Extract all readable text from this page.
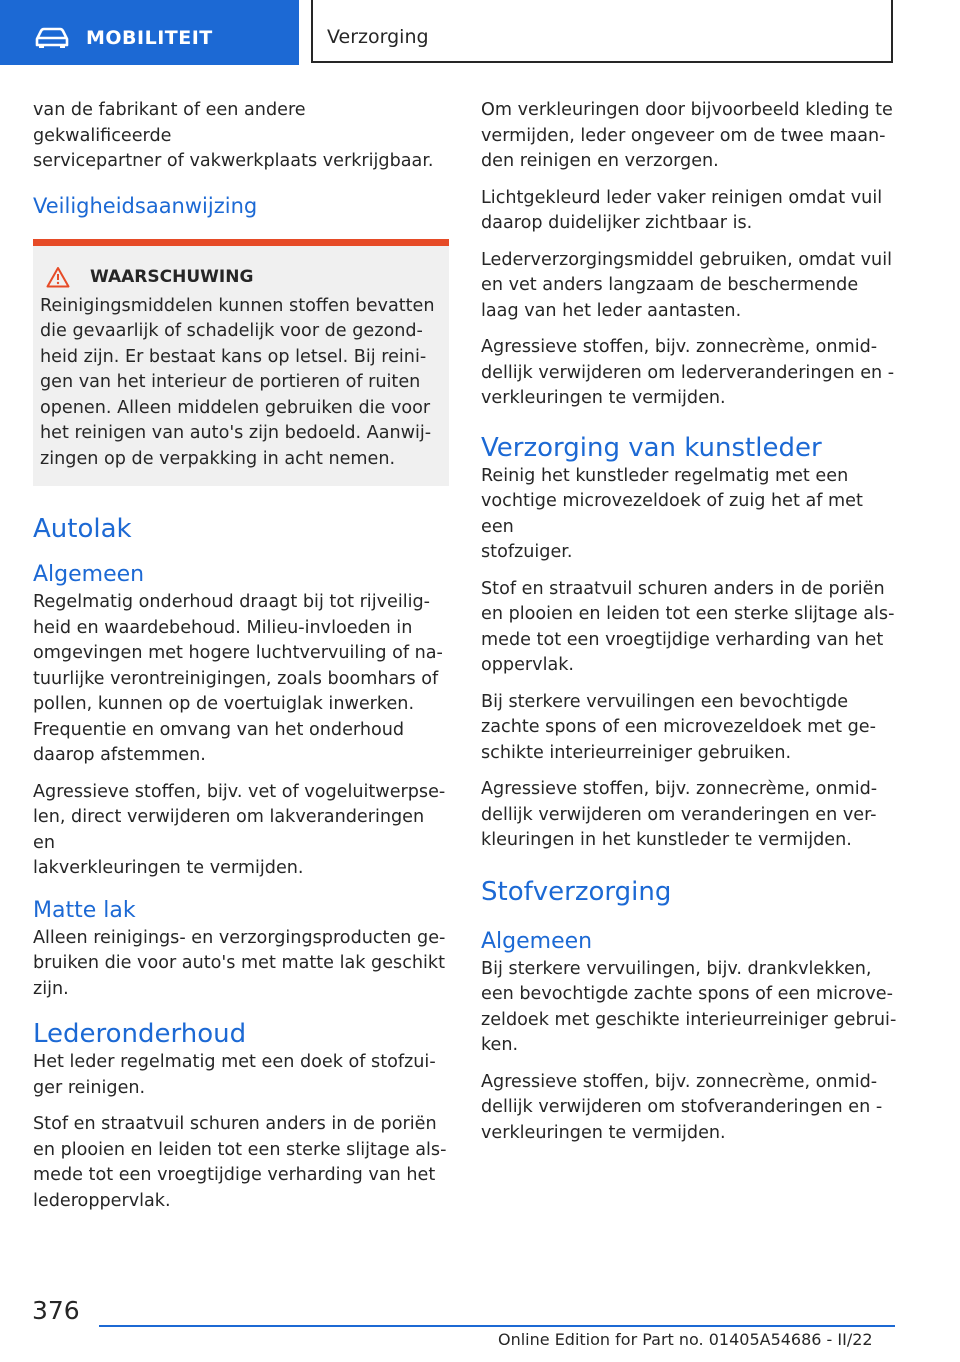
MOBILITEIT	Verzorging

van de fabrikant of een andere gekwalificeerde
servicepartner of vakwerkplaats verkrijgbaar.

Veiligheidsaanwijzing
WAARSCHUWING

Reinigingsmiddelen kunnen stoffen bevatten
die gevaarlijk of schadelijk voor de gezond-
heid zijn. Er bestaat kans op letsel. Bij reini-
gen van het interieur de portieren of ruiten
openen. Alleen middelen gebruiken die voor
het reinigen van auto's zijn bedoeld. Aanwij-
zingen op de verpakking in acht nemen.

Autolak
Algemeen

Regelmatig onderhoud draagt bij tot rijveilig-
heid en waardebehoud. Milieu-invloeden in
omgevingen met hogere luchtvervuiling of na-
tuurlijke verontreinigingen, zoals boomhars of
pollen, kunnen op de voertuiglak inwerken.
Frequentie en omvang van het onderhoud
daarop afstemmen.

Agressieve stoffen, bijv. vet of vogeluitwerpse-
len, direct verwijderen om lakveranderingen en
lakverkleuringen te vermijden.

Matte lak

Alleen reinigings- en verzorgingsproducten ge-
bruiken die voor auto's met matte lak geschikt
zijn.

Lederonderhoud

Het leder regelmatig met een doek of stofzui-
ger reinigen.

Stof en straatvuil schuren anders in de poriën
en plooien en leiden tot een sterke slijtage als-
mede tot een vroegtijdige verharding van het
lederoppervlak.

Om verkleuringen door bijvoorbeeld kleding te
vermijden, leder ongeveer om de twee maan-
den reinigen en verzorgen.

Lichtgekleurd leder vaker reinigen omdat vuil
daarop duidelijker zichtbaar is.

Lederverzorgingsmiddel gebruiken, omdat vuil
en vet anders langzaam de beschermende
laag van het leder aantasten.

Agressieve stoffen, bijv. zonnecrème, onmid-
dellijk verwijderen om lederveranderingen en -
verkleuringen te vermijden.

Verzorging van kunstleder

Reinig het kunstleder regelmatig met een
vochtige microvezeldoek of zuig het af met een
stofzuiger.

Stof en straatvuil schuren anders in de poriën
en plooien en leiden tot een sterke slijtage als-
mede tot een vroegtijdige verharding van het
oppervlak.

Bij sterkere vervuilingen een bevochtigde
zachte spons of een microvezeldoek met ge-
schikte interieurreiniger gebruiken.

Agressieve stoffen, bijv. zonnecrème, onmid-
dellijk verwijderen om veranderingen en ver-
kleuringen in het kunstleder te vermijden.

Stofverzorging
Algemeen

Bij sterkere vervuilingen, bijv. drankvlekken,
een bevochtigde zachte spons of een microve-
zeldoek met geschikte interieurreiniger gebrui-
ken.

Agressieve stoffen, bijv. zonnecrème, onmid-
dellijk verwijderen om stofveranderingen en -
verkleuringen te vermijden.

376
Online Edition for Part no. 01405A54686 - II/22
